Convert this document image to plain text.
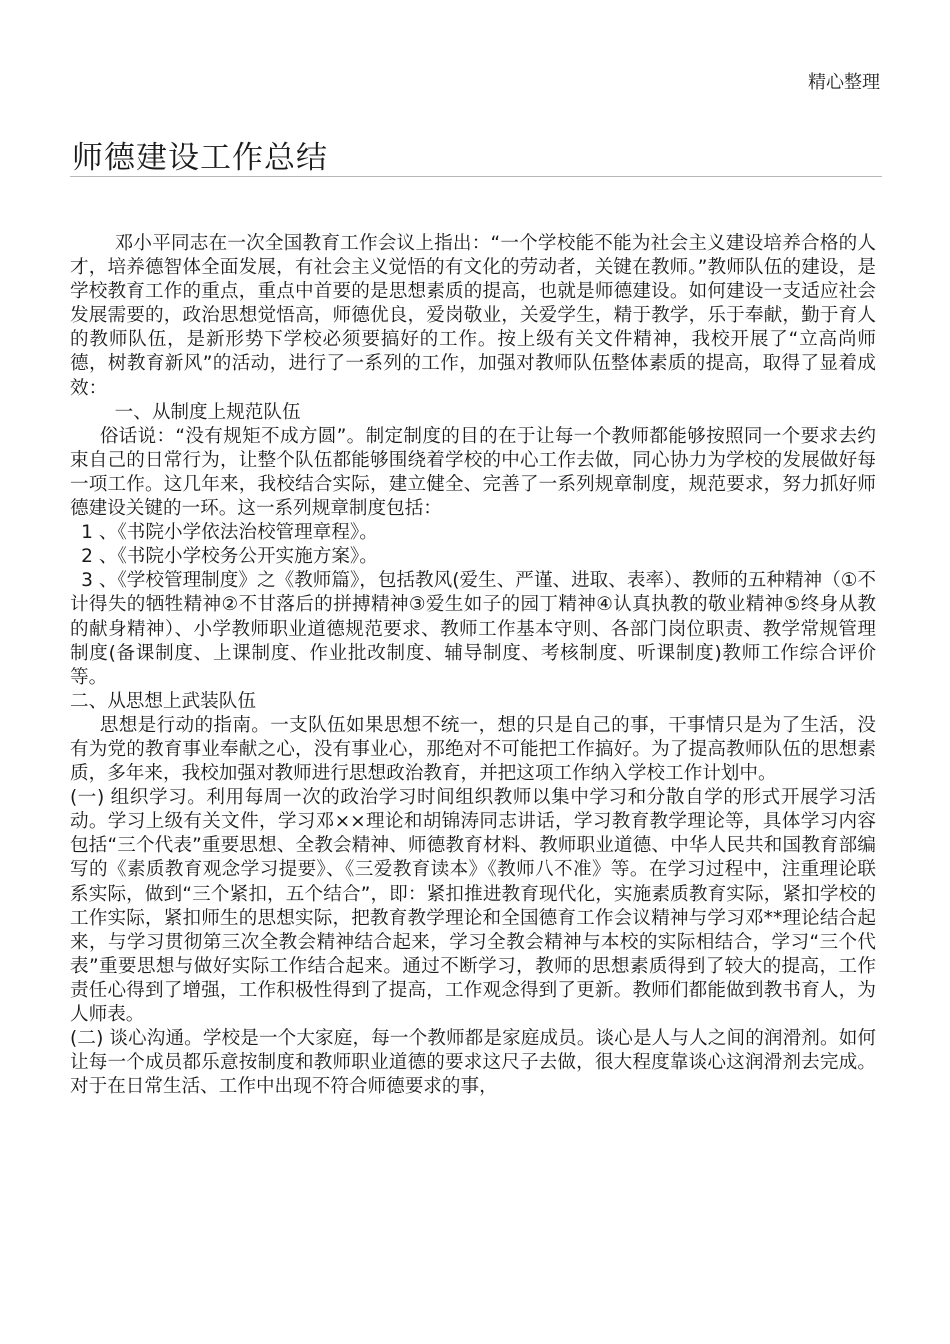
精心整理
师德建设工作总结

邓小平同志在一次全国教育工作会议上指出：“一个学校能不能为社会主义建设培养合格的人才，培养德智体全面发展，有社会主义觉悟的有文化的劳动者，关键在教师。”教师队伍的建设，是学校教育工作的重点，重点中首要的是思想素质的提高，也就是师德建设。如何建设一支适应社会发展需要的，政治思想觉悟高，师德优良，爱岗敬业，关爱学生，精于教学，乐于奉献，勤于育人的教师队伍，是新形势下学校必须要搞好的工作。按上级有关文件精神，我校开展了“立高尚师德，树教育新风”的活动，进行了一系列的工作，加强对教师队伍整体素质的提高，取得了显着成效：

一、从制度上规范队伍

俗话说：“没有规矩不成方圆”。制定制度的目的在于让每一个教师都能够按照同一个要求去约束自己的日常行为，让整个队伍都能够围绕着学校的中心工作去做，同心协力为学校的发展做好每一项工作。这几年来，我校结合实际，建立健全、完善了一系列规章制度，规范要求，努力抓好师德建设关键的一环。这一系列规章制度包括：

1 、《书院小学依法治校管理章程》。

2 、《书院小学校务公开实施方案》。

3 、《学校管理制度》之《教师篇》，包括教风(爱生、严谨、进取、表率）、教师的五种精神（①不计得失的牺牲精神②不甘落后的拼搏精神③爱生如子的园丁精神④认真执教的敬业精神⑤终身从教的献身精神）、小学教师职业道德规范要求、教师工作基本守则、各部门岗位职责、教学常规管理制度(备课制度、上课制度、作业批改制度、辅导制度、考核制度、听课制度)教师工作综合评价等。

二、从思想上武装队伍

思想是行动的指南。一支队伍如果思想不统一，想的只是自己的事，干事情只是为了生活，没有为党的教育事业奉献之心，没有事业心，那绝对不可能把工作搞好。为了提高教师队伍的思想素质，多年来，我校加强对教师进行思想政治教育，并把这项工作纳入学校工作计划中。

(一) 组织学习。利用每周一次的政治学习时间组织教师以集中学习和分散自学的形式开展学习活动。学习上级有关文件，学习邓××理论和胡锦涛同志讲话，学习教育教学理论等，具体学习内容包括“三个代表”重要思想、全教会精神、师德教育材料、教师职业道德、中华人民共和国教育部编写的《素质教育观念学习提要》、《三爱教育读本》《教师八不准》等。在学习过程中，注重理论联系实际，做到“三个紧扣，五个结合”，即：紧扣推进教育现代化，实施素质教育实际，紧扣学校的工作实际，紧扣师生的思想实际，把教育教学理论和全国德育工作会议精神与学习邓**理论结合起来，与学习贯彻第三次全教会精神结合起来，学习全教会精神与本校的实际相结合，学习“三个代表”重要思想与做好实际工作结合起来。通过不断学习，教师的思想素质得到了较大的提高，工作责任心得到了增强，工作积极性得到了提高，工作观念得到了更新。教师们都能做到教书育人，为人师表。

(二) 谈心沟通。学校是一个大家庭，每一个教师都是家庭成员。谈心是人与人之间的润滑剂。如何让每一个成员都乐意按制度和教师职业道德的要求这尺子去做，很大程度靠谈心这润滑剂去完成。对于在日常生活、工作中出现不符合师德要求的事，
